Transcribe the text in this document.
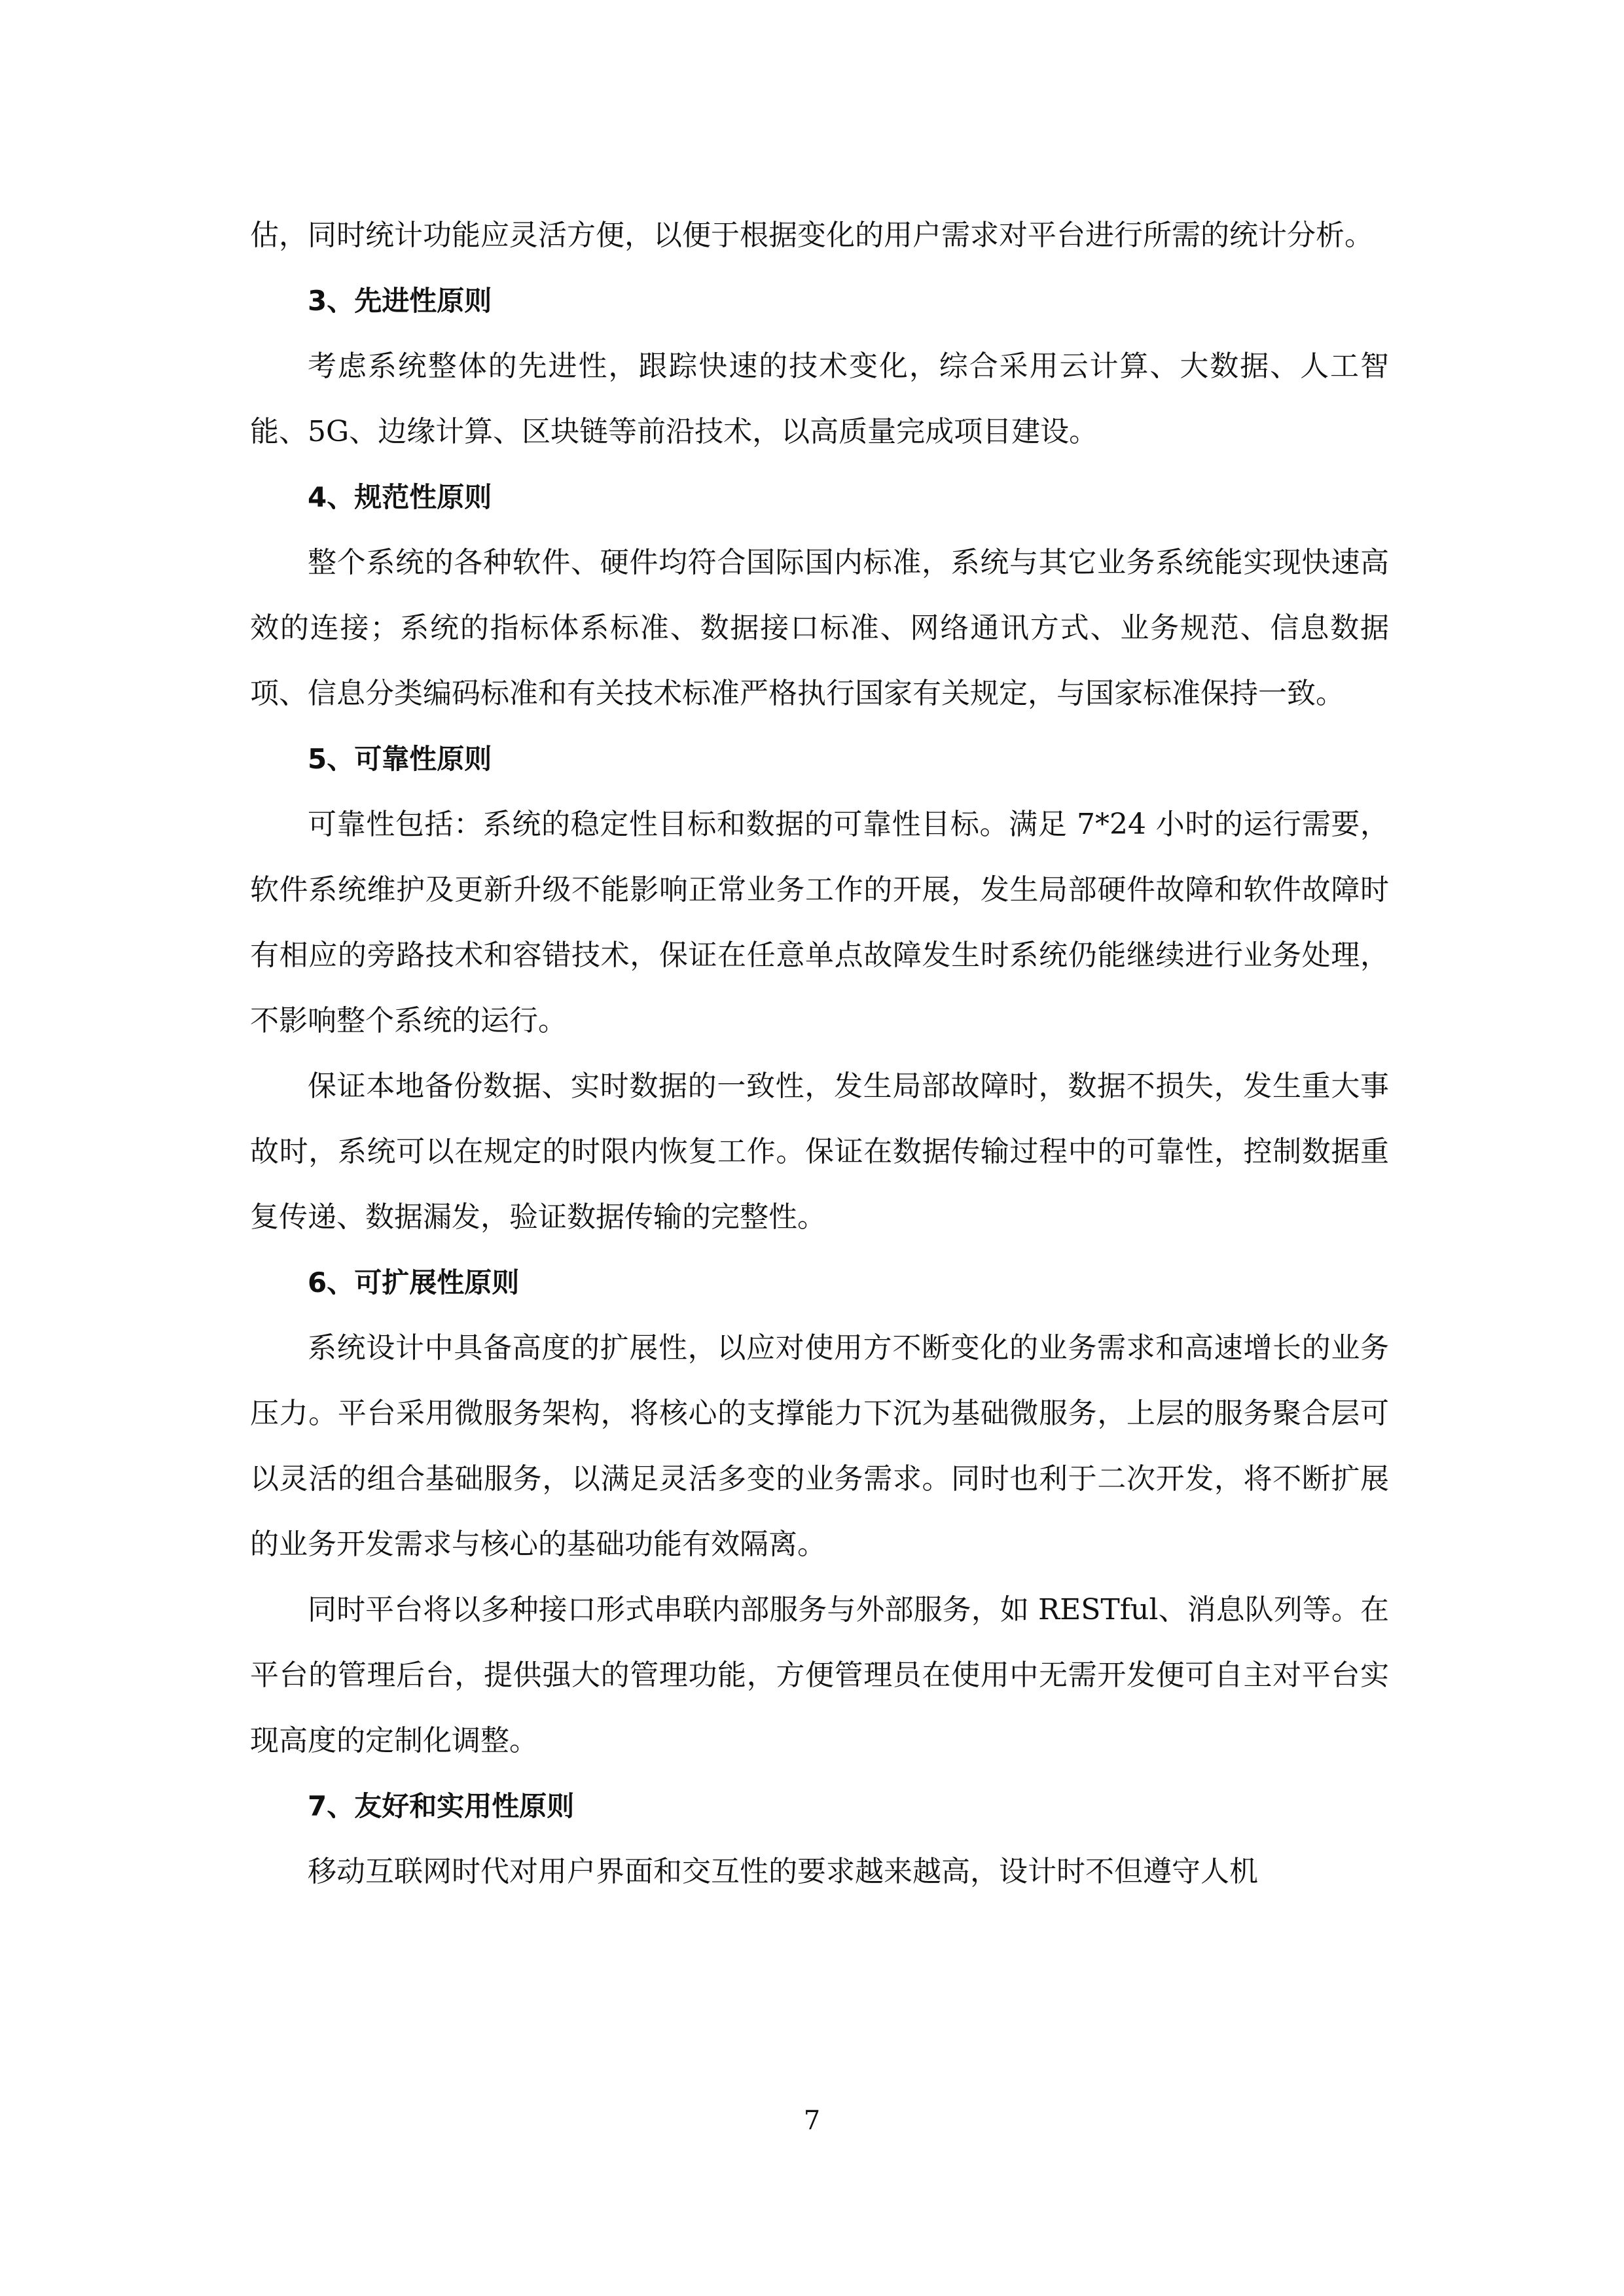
估，同时统计功能应灵活方便，以便于根据变化的用户需求对平台进行所需的统计分析。

3、先进性原则

考虑系统整体的先进性，跟踪快速的技术变化，综合采用云计算、大数据、人工智能、5G、边缘计算、区块链等前沿技术，以高质量完成项目建设。

4、规范性原则

整个系统的各种软件、硬件均符合国际国内标准，系统与其它业务系统能实现快速高效的连接；系统的指标体系标准、数据接口标准、网络通讯方式、业务规范、信息数据项、信息分类编码标准和有关技术标准严格执行国家有关规定，与国家标准保持一致。

5、可靠性原则

可靠性包括：系统的稳定性目标和数据的可靠性目标。满足 7*24 小时的运行需要，软件系统维护及更新升级不能影响正常业务工作的开展，发生局部硬件故障和软件故障时有相应的旁路技术和容错技术，保证在任意单点故障发生时系统仍能继续进行业务处理，不影响整个系统的运行。

保证本地备份数据、实时数据的一致性，发生局部故障时，数据不损失，发生重大事故时，系统可以在规定的时限内恢复工作。保证在数据传输过程中的可靠性，控制数据重复传递、数据漏发，验证数据传输的完整性。

6、可扩展性原则

系统设计中具备高度的扩展性，以应对使用方不断变化的业务需求和高速增长的业务压力。平台采用微服务架构，将核心的支撑能力下沉为基础微服务，上层的服务聚合层可以灵活的组合基础服务，以满足灵活多变的业务需求。同时也利于二次开发，将不断扩展的业务开发需求与核心的基础功能有效隔离。

同时平台将以多种接口形式串联内部服务与外部服务，如 RESTful、消息队列等。在平台的管理后台，提供强大的管理功能，方便管理员在使用中无需开发便可自主对平台实现高度的定制化调整。

7、友好和实用性原则

移动互联网时代对用户界面和交互性的要求越来越高，设计时不但遵守人机

7
